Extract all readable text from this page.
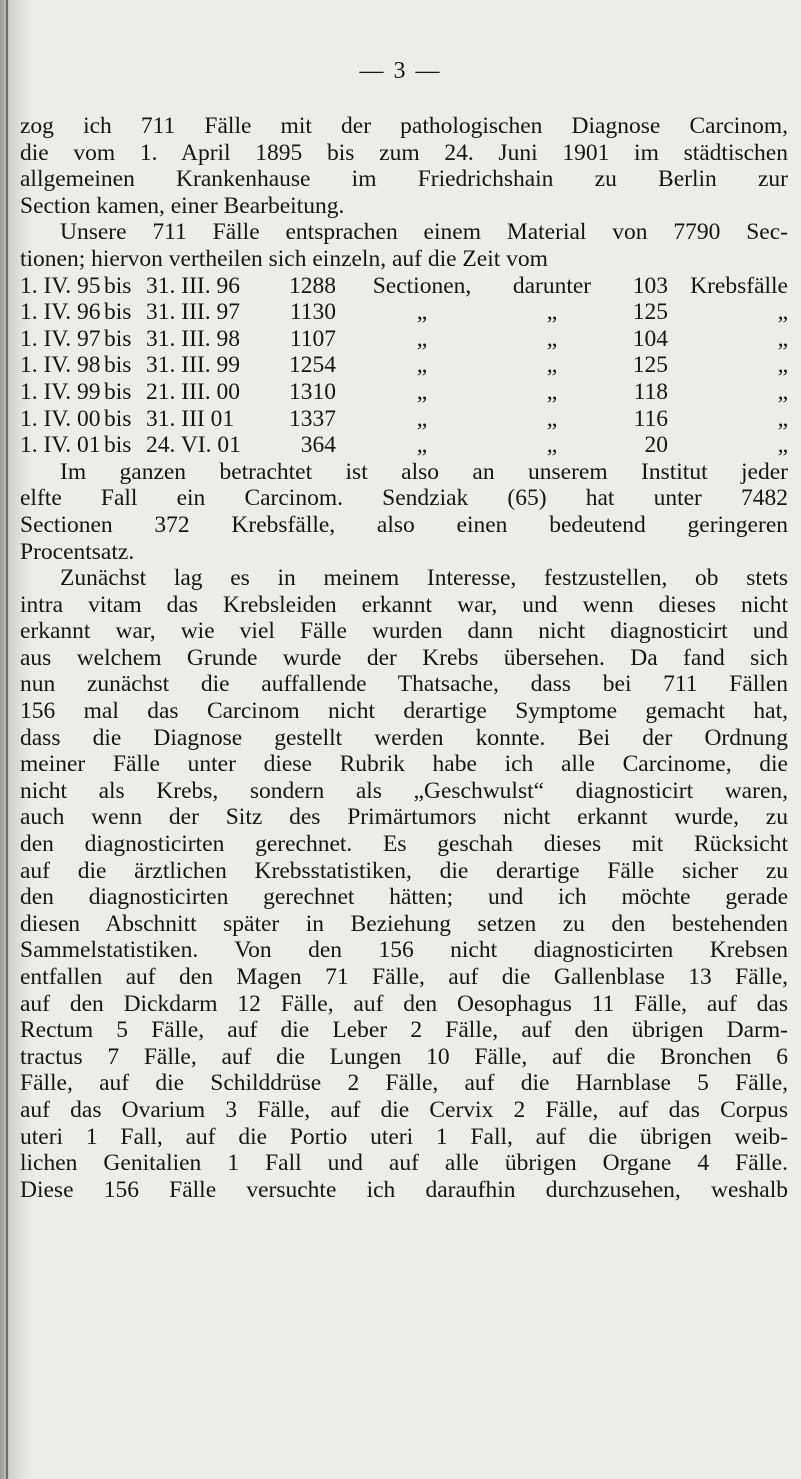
— 3 —
zog ich 711 Fälle mit der pathologischen Diagnose Carcinom,
die vom 1. April 1895 bis zum 24. Juni 1901 im städtischen
allgemeinen Krankenhause im Friedrichshain zu Berlin zur
Section kamen, einer Bearbeitung.
Unsere 711 Fälle entsprachen einem Material von 7790 Sec-
tionen; hiervon vertheilen sich einzeln, auf die Zeit vom
1. IV. 95	bis	31. III. 96	1288	Sectionen,	darunter	103	Krebsfälle
1. IV. 96	bis	31. III. 97	1130	„	„	125	„
1. IV. 97	bis	31. III. 98	1107	„	„	104	„
1. IV. 98	bis	31. III. 99	1254	„	„	125	„
1. IV. 99	bis	21. III. 00	1310	„	„	118	„
1. IV. 00	bis	31. III 01	1337	„	„	116	„
1. IV. 01	bis	24. VI. 01	364	„	„	20	„
Im ganzen betrachtet ist also an unserem Institut jeder
elfte Fall ein Carcinom. Sendziak (65) hat unter 7482
Sectionen 372 Krebsfälle, also einen bedeutend geringeren
Procentsatz.
Zunächst lag es in meinem Interesse, festzustellen, ob stets
intra vitam das Krebsleiden erkannt war, und wenn dieses nicht
erkannt war, wie viel Fälle wurden dann nicht diagnosticirt und
aus welchem Grunde wurde der Krebs übersehen. Da fand sich
nun zunächst die auffallende Thatsache, dass bei 711 Fällen
156 mal das Carcinom nicht derartige Symptome gemacht hat,
dass die Diagnose gestellt werden konnte. Bei der Ordnung
meiner Fälle unter diese Rubrik habe ich alle Carcinome, die
nicht als Krebs, sondern als „Geschwulst“ diagnosticirt waren,
auch wenn der Sitz des Primärtumors nicht erkannt wurde, zu
den diagnosticirten gerechnet. Es geschah dieses mit Rücksicht
auf die ärztlichen Krebsstatistiken, die derartige Fälle sicher zu
den diagnosticirten gerechnet hätten; und ich möchte gerade
diesen Abschnitt später in Beziehung setzen zu den bestehenden
Sammelstatistiken. Von den 156 nicht diagnosticirten Krebsen
entfallen auf den Magen 71 Fälle, auf die Gallenblase 13 Fälle,
auf den Dickdarm 12 Fälle, auf den Oesophagus 11 Fälle, auf das
Rectum 5 Fälle, auf die Leber 2 Fälle, auf den übrigen Darm-
tractus 7 Fälle, auf die Lungen 10 Fälle, auf die Bronchen 6
Fälle, auf die Schilddrüse 2 Fälle, auf die Harnblase 5 Fälle,
auf das Ovarium 3 Fälle, auf die Cervix 2 Fälle, auf das Corpus
uteri 1 Fall, auf die Portio uteri 1 Fall, auf die übrigen weib-
lichen Genitalien 1 Fall und auf alle übrigen Organe 4 Fälle.
Diese 156 Fälle versuchte ich daraufhin durchzusehen, weshalb
